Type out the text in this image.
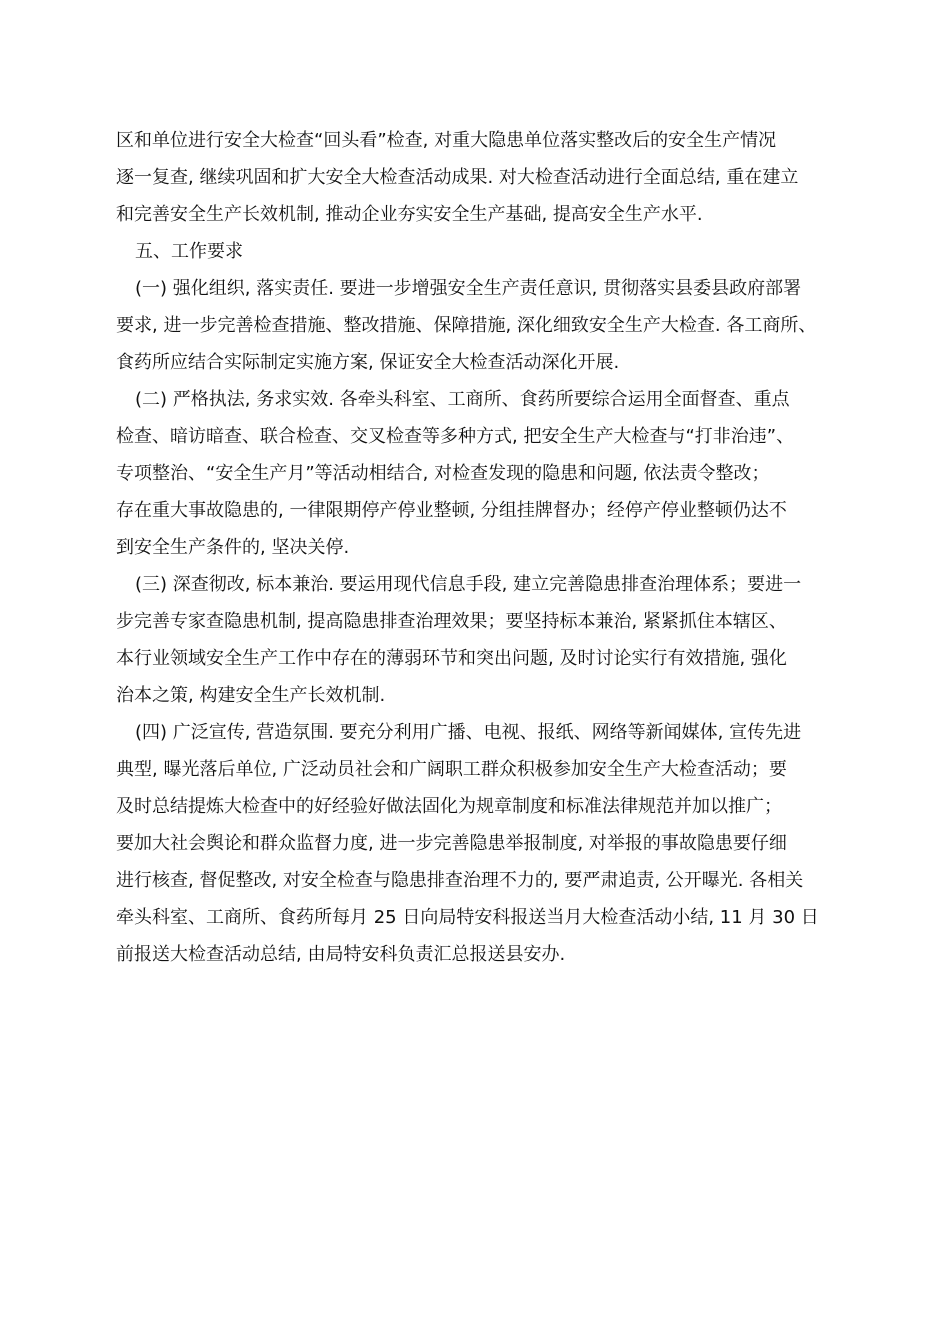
区和单位进行安全大检查“回头看”检查, 对重大隐患单位落实整改后的安全生产情况
逐一复查, 继续巩固和扩大安全大检查活动成果. 对大检查活动进行全面总结, 重在建立
和完善安全生产长效机制, 推动企业夯实安全生产基础, 提高安全生产水平.
五、工作要求
(一) 强化组织, 落实责任. 要进一步增强安全生产责任意识, 贯彻落实县委县政府部署
要求, 进一步完善检查措施、整改措施、保障措施, 深化细致安全生产大检查. 各工商所、
食药所应结合实际制定实施方案, 保证安全大检查活动深化开展.
(二) 严格执法, 务求实效. 各牵头科室、工商所、食药所要综合运用全面督查、重点
检查、暗访暗查、联合检查、交叉检查等多种方式, 把安全生产大检查与“打非治违”、
专项整治、“安全生产月”等活动相结合, 对检查发现的隐患和问题, 依法责令整改；
存在重大事故隐患的, 一律限期停产停业整顿, 分组挂牌督办；经停产停业整顿仍达不
到安全生产条件的, 坚决关停.
(三) 深查彻改, 标本兼治. 要运用现代信息手段, 建立完善隐患排查治理体系；要进一
步完善专家查隐患机制, 提高隐患排查治理效果；要坚持标本兼治, 紧紧抓住本辖区、
本行业领域安全生产工作中存在的薄弱环节和突出问题, 及时讨论实行有效措施, 强化
治本之策, 构建安全生产长效机制.
(四) 广泛宣传, 营造氛围. 要充分利用广播、电视、报纸、网络等新闻媒体, 宣传先进
典型, 曝光落后单位, 广泛动员社会和广阔职工群众积极参加安全生产大检查活动；要
及时总结提炼大检查中的好经验好做法固化为规章制度和标准法律规范并加以推广；
要加大社会舆论和群众监督力度, 进一步完善隐患举报制度, 对举报的事故隐患要仔细
进行核查, 督促整改, 对安全检查与隐患排查治理不力的, 要严肃追责, 公开曝光. 各相关
牵头科室、工商所、食药所每月 25 日向局特安科报送当月大检查活动小结, 11 月 30 日
前报送大检查活动总结, 由局特安科负责汇总报送县安办.
